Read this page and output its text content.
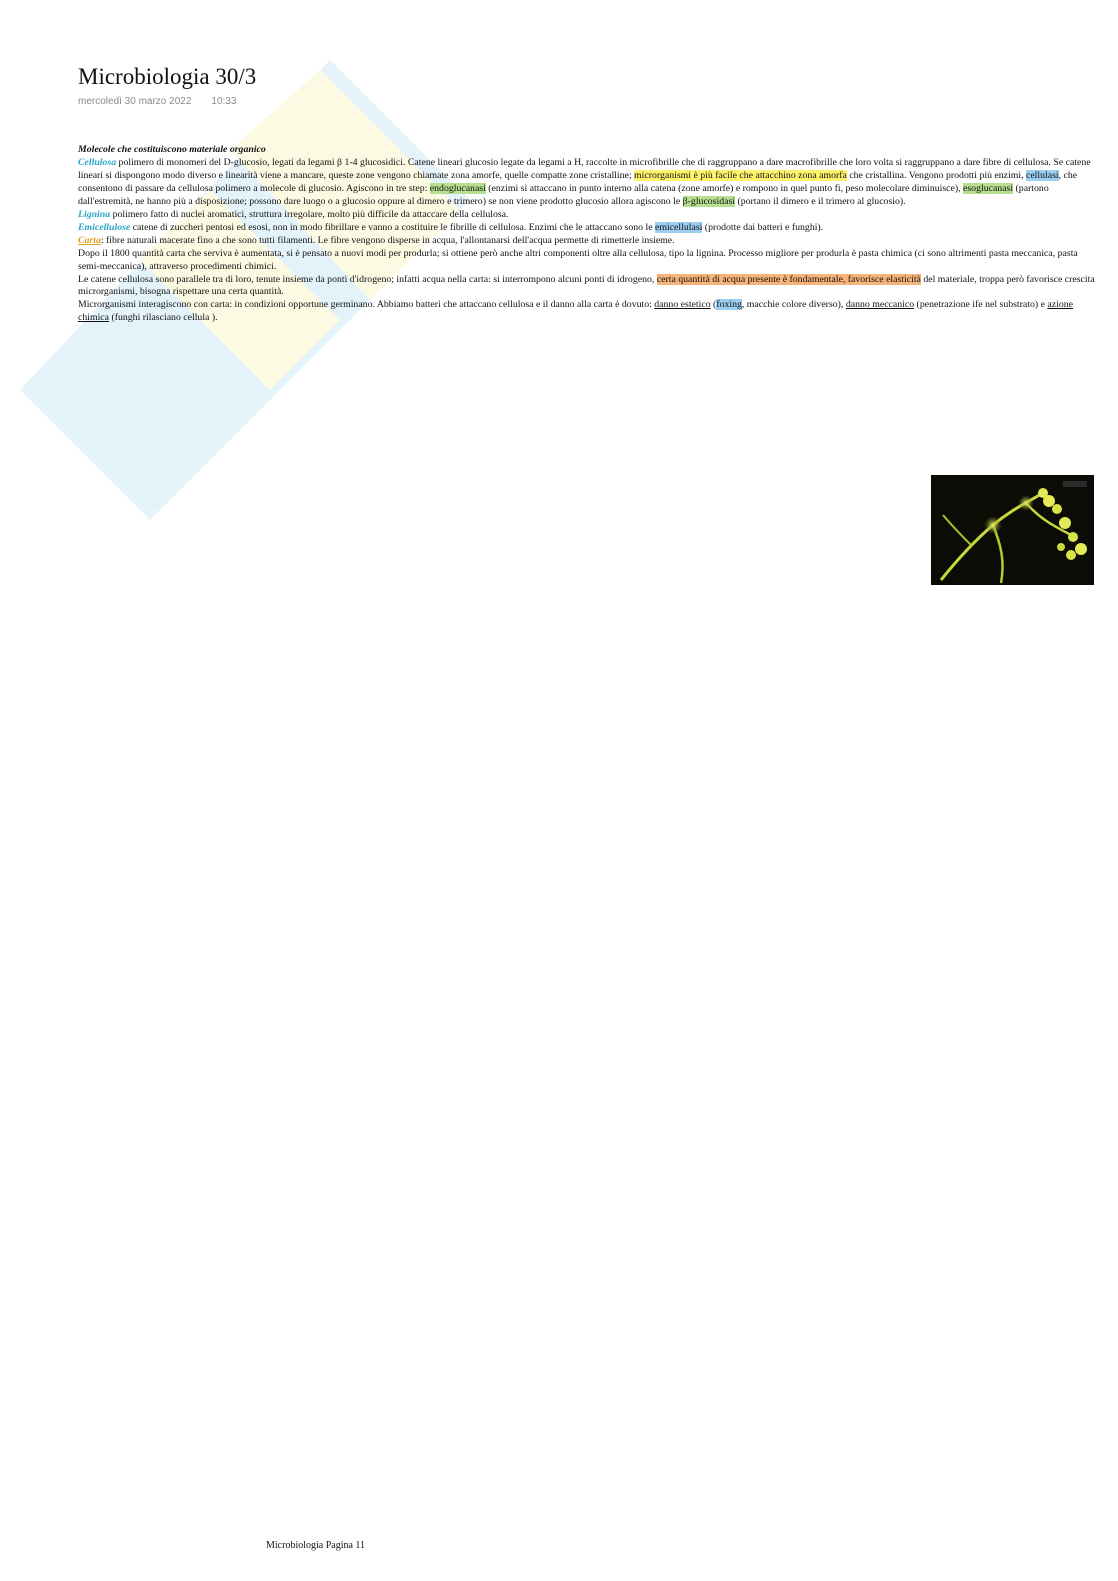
Microbiologia 30/3
mercoledì 30 marzo 2022 10:33

Molecole che costituiscono materiale organico

Cellulosa polimero di monomeri del D-glucosio, legati da legami β 1-4 glucosidici. Catene lineari glucosio legate da legami a H, raccolte in microfibrille che di raggruppano a dare macrofibrille che loro volta si raggruppano a dare fibre di cellulosa. Se catene lineari si dispongono modo diverso e linearità viene a mancare, queste zone vengono chiamate zona amorfe, quelle compatte zone cristalline; microrganismi è più facile che attacchino zona amorfa che cristallina. Vengono prodotti più enzimi, cellulasi, che consentono di passare da cellulosa polimero a molecole di glucosio. Agiscono in tre step: endoglucanasi (enzimi si attaccano in punto interno alla catena (zone amorfe) e rompono in quel punto fi, peso molecolare diminuisce), esoglucanasi (partono dall'estremità, ne hanno più a disposizione; possono dare luogo o a glucosio oppure al dimero e trimero) se non viene prodotto glucosio allora agiscono le β-glucosidasi (portano il dimero e il trimero al glucosio).

Lignina polimero fatto di nuclei aromatici, struttura irregolare, molto più difficile da attaccare della cellulosa.

Emicellulose catene di zuccheri pentosi ed esosi, non in modo fibrillare e vanno a costituire le fibrille di cellulosa. Enzimi che le attaccano sono le emicellulasi (prodotte dai batteri e funghi).

Carta: fibre naturali macerate fino a che sono tutti filamenti. Le fibre vengono disperse in acqua, l'allontanarsi dell'acqua permette di rimetterle insieme.

Dopo il 1800 quantità carta che serviva è aumentata, si è pensato a nuovi modi per produrla; si ottiene però anche altri componenti oltre alla cellulosa, tipo la lignina. Processo migliore per produrla è pasta chimica (ci sono altrimenti pasta meccanica, pasta semi-meccanica), attraverso procedimenti chimici.

Le catene cellulosa sono parallele tra di loro, tenute insieme da ponti d'idrogeno; infatti acqua nella carta: si interrompono alcuni ponti di idrogeno, certa quantità di acqua presente è fondamentale, favorisce elasticità del materiale, troppa però favorisce crescita microrganismi, bisogna rispettare una certa quantità.

Microrganismi interagiscono con carta: in condizioni opportune germinano. Abbiamo batteri che attaccano cellulosa e il danno alla carta è dovuto: danno estetico (foxing, macchie colore diverso), danno meccanico (penetrazione ife nel substrato) e azione chimica (funghi rilasciano cellula ).

Microbiologia Pagina 11
